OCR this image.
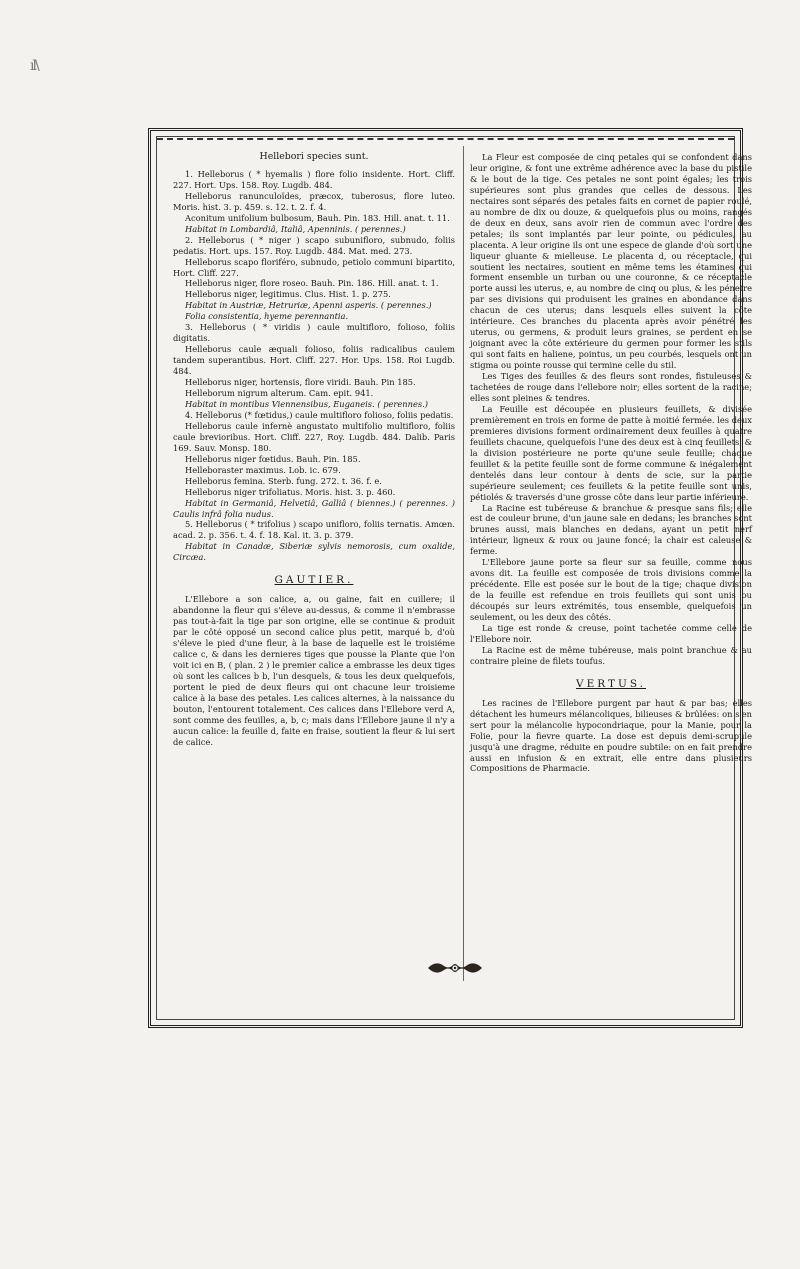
ıl\

Hellebori species sunt.

1. Helleborus ( * hyemalis ) flore folio insidente. Hort. Cliff. 227. Hort. Ups. 158. Roy. Lugdb. 484.

Helleborus ranunculoïdes, præcox, tuberosus, flore luteo. Moris. hist. 3. p. 459. s. 12. t. 2. f. 4.

Aconitum unifolium bulbosum, Bauh. Pin. 183. Hill. anat. t. 11.

Habitat in Lombardiâ, Italiâ, Apenninis. ( perennes.)

2. Helleborus ( * niger ) scapo subunifloro, subnudo, foliis pedatis. Hort. ups. 157. Roy. Lugdb. 484. Mat. med. 273.

Helleborus scapo floriféro, subnudo, petiolo communi bipartito, Hort. Cliff. 227.

Helleborus niger, flore roseo. Bauh. Pin. 186. Hill. anat. t. 1.

Helleborus niger, legitimus. Clus. Hist. 1. p. 275.

Habitat in Austriæ, Hetruriæ, Apenni asperis. ( perennes.)

Folia consistentia, hyeme perennantia.

3. Helleborus ( * viridis ) caule multifloro, folioso, foliis digitatis.

Helleborus caule æquali folioso, foliis radicalibus caulem tandem superantibus. Hort. Cliff. 227. Hor. Ups. 158. Roi Lugdb. 484.

Helleborus niger, hortensis, flore viridi. Bauh. Pin 185.

Helleborum nigrum alterum. Cam. epit. 941.

Habitat in montibus Viennensibus, Euganeis. ( perennes.)

4. Helleborus (* fœtidus,) caule multifloro folioso, foliis pedatis.

Helleborus caule infernè angustato multifolio multifloro, foliis caule brevioribus. Hort. Cliff. 227, Roy. Lugdb. 484. Dalib. Paris 169. Sauv. Monsp. 180.

Helleborus niger fœtidus. Bauh. Pin. 185.

Helleboraster maximus. Lob. ic. 679.

Helleborus femina. Sterb. fung. 272. t. 36. f. e.

Helleborus niger trifoliatus. Moris. hist. 3. p. 460.

Habitat in Germaniâ, Helvetiâ, Galliâ ( biennes.) ( perennes. ) Caulis infrâ folia nudus.

5. Helleborus ( * trifolius ) scapo unifloro, foliis ternatis. Amœn. acad. 2. p. 356. t. 4. f. 18. Kal. it. 3. p. 379.

Habitat in Canadæ, Siberiæ sylvis nemorosis, cum oxalide, Circæa.

GAUTIER.

L'Ellebore a son calice, a, ou gaine, fait en cuillere; il abandonne la fleur qui s'éleve au-dessus, & comme il n'embrasse pas tout-à-fait la tige par son origine, elle se continue & produit par le côté opposé un second calice plus petit, marqué b, d'où s'éleve le pied d'une fleur, à la base de laquelle est le troisiéme calice c, & dans les dernieres tiges que pousse la Plante que l'on voit ici en B, ( plan. 2 ) le premier calice a embrasse les deux tiges où sont les calices b b, l'un desquels, & tous les deux quelquefois, portent le pied de deux fleurs qui ont chacune leur troisieme calice à la base des petales. Les calices alternes, à la naissance du bouton, l'entourent totalement. Ces calices dans l'Ellebore verd A, sont comme des feuilles, a, b, c; mais dans l'Ellebore jaune il n'y a aucun calice: la feuille d, faite en fraise, soutient la fleur & lui sert de calice.

La Fleur est composée de cinq petales qui se confondent dans leur origine, & font une extrême adhérence avec la base du pistile & le bout de la tige. Ces petales ne sont point égales; les trois supérieures sont plus grandes que celles de dessous. Les nectaires sont séparés des petales faits en cornet de papier roulé, au nombre de dix ou douze, & quelquefois plus ou moins, rangés de deux en deux, sans avoir rien de commun avec l'ordre des petales; ils sont implantés par leur pointe, ou pédicules, au placenta. A leur origine ils ont une espece de glande d'où sort une liqueur gluante & mielleuse. Le placenta d, ou réceptacle, qui soutient les nectaires, soutient en même tems les étamines qui forment ensemble un turban ou une couronne, & ce réceptacle porte aussi les uterus, e, au nombre de cinq ou plus, & les pénetre par ses divisions qui produisent les graines en abondance dans chacun de ces uterus; dans lesquels elles suivent la côte intérieure. Ces branches du placenta après avoir pénétré les uterus, ou germens, & produit leurs graines, se perdent en se joignant avec la côte extérieure du germen pour former les stils qui sont faits en haliene, pointus, un peu courbés, lesquels ont un stigma ou pointe rousse qui termine celle du stil.

Les Tiges des feuilles & des fleurs sont rondes, fistuleuses & tachetées de rouge dans l'ellebore noir; elles sortent de la racine; elles sont pleines & tendres.

La Feuille est découpée en plusieurs feuillets, & divisée premièrement en trois en forme de patte à moitié fermée. les deux premieres divisions forment ordinairement deux feuilles à quatre feuillets chacune, quelquefois l'une des deux est à cinq feuillets, & la division postérieure ne porte qu'une seule feuille; chaque feuillet & la petite feuille sont de forme commune & inégalement dentelés dans leur contour à dents de scie, sur la partie supérieure seulement; ces feuillets & la petite feuille sont unis, pétiolés & traversés d'une grosse côte dans leur partie inférieure.

La Racine est tubéreuse & branchue & presque sans fils; elle est de couleur brune, d'un jaune sale en dedans; les branches sont brunes aussi, mais blanches en dedans, ayant un petit nerf intérieur, ligneux & roux ou jaune foncé; la chair est caleuse & ferme.

L'Ellebore jaune porte sa fleur sur sa feuille, comme nous avons dit. La feuille est composée de trois divisions comme la précédente. Elle est posée sur le bout de la tige; chaque division de la feuille est refendue en trois feuillets qui sont unis ou découpés sur leurs extrémités, tous ensemble, quelquefois un seulement, ou les deux des côtés.

La tige est ronde & creuse, point tachetée comme celle de l'Ellebore noir.

La Racine est de même tubéreuse, mais point branchue & au contraire pleine de filets toufus.

VERTUS.

Les racines de l'Ellebore purgent par haut & par bas; elles détachent les humeurs mélancoliques, bilieuses & brûlées: on s'en sert pour la mélancolie hypocondriaque, pour la Manie, pour la Folie, pour la fievre quarte. La dose est depuis demi-scrupule jusqu'à une dragme, réduite en poudre subtile: on en fait prendre aussi en infusion & en extrait, elle entre dans plusieurs Compositions de Pharmacie.
